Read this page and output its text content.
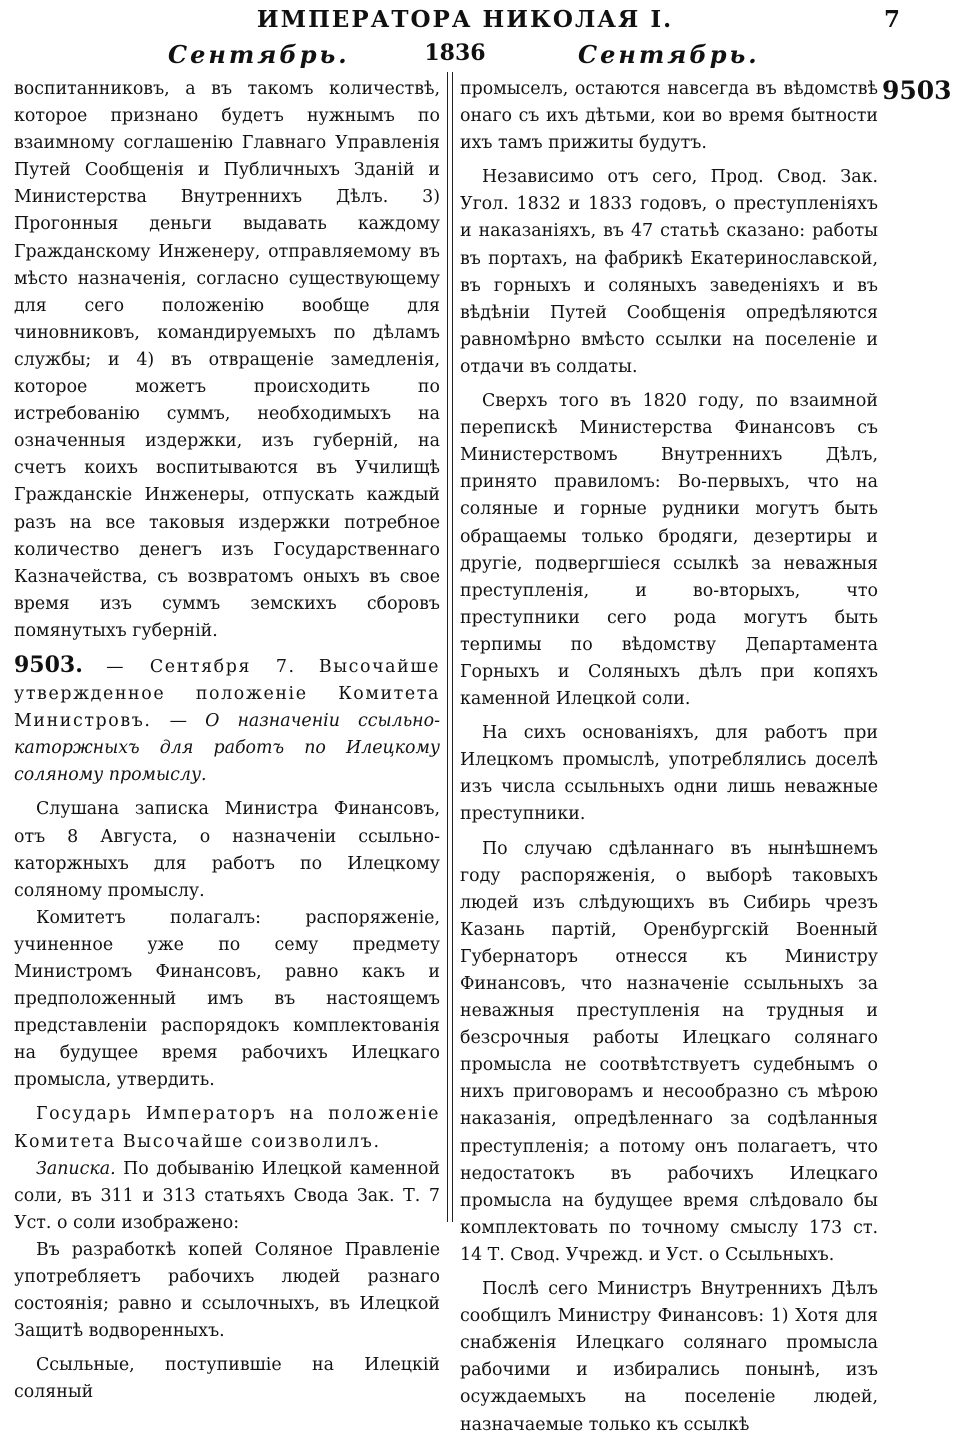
ИМПЕРАТОРА НИКОЛАЯ I.	7
Сентябрь.	1836	Сентябрь.
9503

воспитанниковъ, а въ такомъ количествѣ, которое признано будетъ нужнымъ по взаимному соглашенію Главнаго Управленія Путей Сообщенія и Публичныхъ Зданій и Министерства Внутреннихъ Дѣлъ. 3) Прогонныя деньги выдавать каждому Гражданскому Инженеру, отправляемому въ мѣсто назначенія, согласно существующему для сего положенію вообще для чиновниковъ, командируемыхъ по дѣламъ службы; и 4) въ отвращеніе замедленія, которое можетъ происходить по истребованію суммъ, необходимыхъ на означенныя издержки, изъ губерній, на счетъ коихъ воспитываются въ Училищѣ Гражданскіе Инженеры, отпускать каждый разъ на все таковыя издержки потребное количество денегъ изъ Государственнаго Казначейства, съ возвратомъ оныхъ въ свое время изъ суммъ земскихъ сборовъ помянутыхъ губерній.

9503. — Сентября 7. Высочайше утвержденное положеніе Комитета Министровъ. — О назначеніи ссыльно-каторжныхъ для работъ по Илецкому соляному промыслу.

Слушана записка Министра Финансовъ, отъ 8 Августа, о назначеніи ссыльно-каторжныхъ для работъ по Илецкому соляному промыслу.

Комитетъ полагалъ: распоряженіе, учиненное уже по сему предмету Министромъ Финансовъ, равно какъ и предположенный имъ въ настоящемъ представленіи распорядокъ комплектованія на будущее время рабочихъ Илецкаго промысла, утвердить.

Государь Императоръ на положеніе Комитета Высочайше соизволилъ.

Записка. По добыванію Илецкой каменной соли, въ 311 и 313 статьяхъ Свода Зак. Т. 7 Уст. о соли изображено:

Въ разработкѣ копей Соляное Правленіе употребляетъ рабочихъ людей разнаго состоянія; равно и ссылочныхъ, въ Илецкой Защитѣ водворенныхъ.

Ссыльные, поступившіе на Илецкій соляный

промыселъ, остаются навсегда въ вѣдомствѣ онаго съ ихъ дѣтьми, кои во время бытности ихъ тамъ прижиты будутъ.

Независимо отъ сего, Прод. Свод. Зак. Угол. 1832 и 1833 годовъ, о преступленіяхъ и наказаніяхъ, въ 47 статьѣ сказано: работы въ портахъ, на фабрикѣ Екатеринославской, въ горныхъ и соляныхъ заведеніяхъ и въ вѣдѣніи Путей Сообщенія опредѣляются равномѣрно вмѣсто ссылки на поселеніе и отдачи въ солдаты.

Сверхъ того въ 1820 году, по взаимной перепискѣ Министерства Финансовъ съ Министерствомъ Внутреннихъ Дѣлъ, принято правиломъ: Во-первыхъ, что на соляные и горные рудники могутъ быть обращаемы только бродяги, дезертиры и другіе, подвергшіеся ссылкѣ за неважныя преступленія, и во-вторыхъ, что преступники сего рода могутъ быть терпимы по вѣдомству Департамента Горныхъ и Соляныхъ дѣлъ при копяхъ каменной Илецкой соли.

На сихъ основаніяхъ, для работъ при Илецкомъ промыслѣ, употреблялись доселѣ изъ числа ссыльныхъ одни лишь неважные преступники.

По случаю сдѣланнаго въ нынѣшнемъ году распоряженія, о выборѣ таковыхъ людей изъ слѣдующихъ въ Сибирь чрезъ Казань партій, Оренбургскій Военный Губернаторъ отнесся къ Министру Финансовъ, что назначеніе ссыльныхъ за неважныя преступленія на трудныя и безсрочныя работы Илецкаго солянаго промысла не соотвѣтствуетъ судебнымъ о нихъ приговорамъ и несообразно съ мѣрою наказанія, опредѣленнаго за содѣланныя преступленія; а потому онъ полагаетъ, что недостатокъ въ рабочихъ Илецкаго промысла на будущее время слѣдовало бы комплектовать по точному смыслу 173 ст. 14 Т. Свод. Учрежд. и Уст. о Ссыльныхъ.

Послѣ сего Министръ Внутреннихъ Дѣлъ сообщилъ Министру Финансовъ: 1) Хотя для снабженія Илецкаго солянаго промысла рабочими и избирались понынѣ, изъ осуждаемыхъ на поселеніе людей, назначаемые только къ ссылкѣ
